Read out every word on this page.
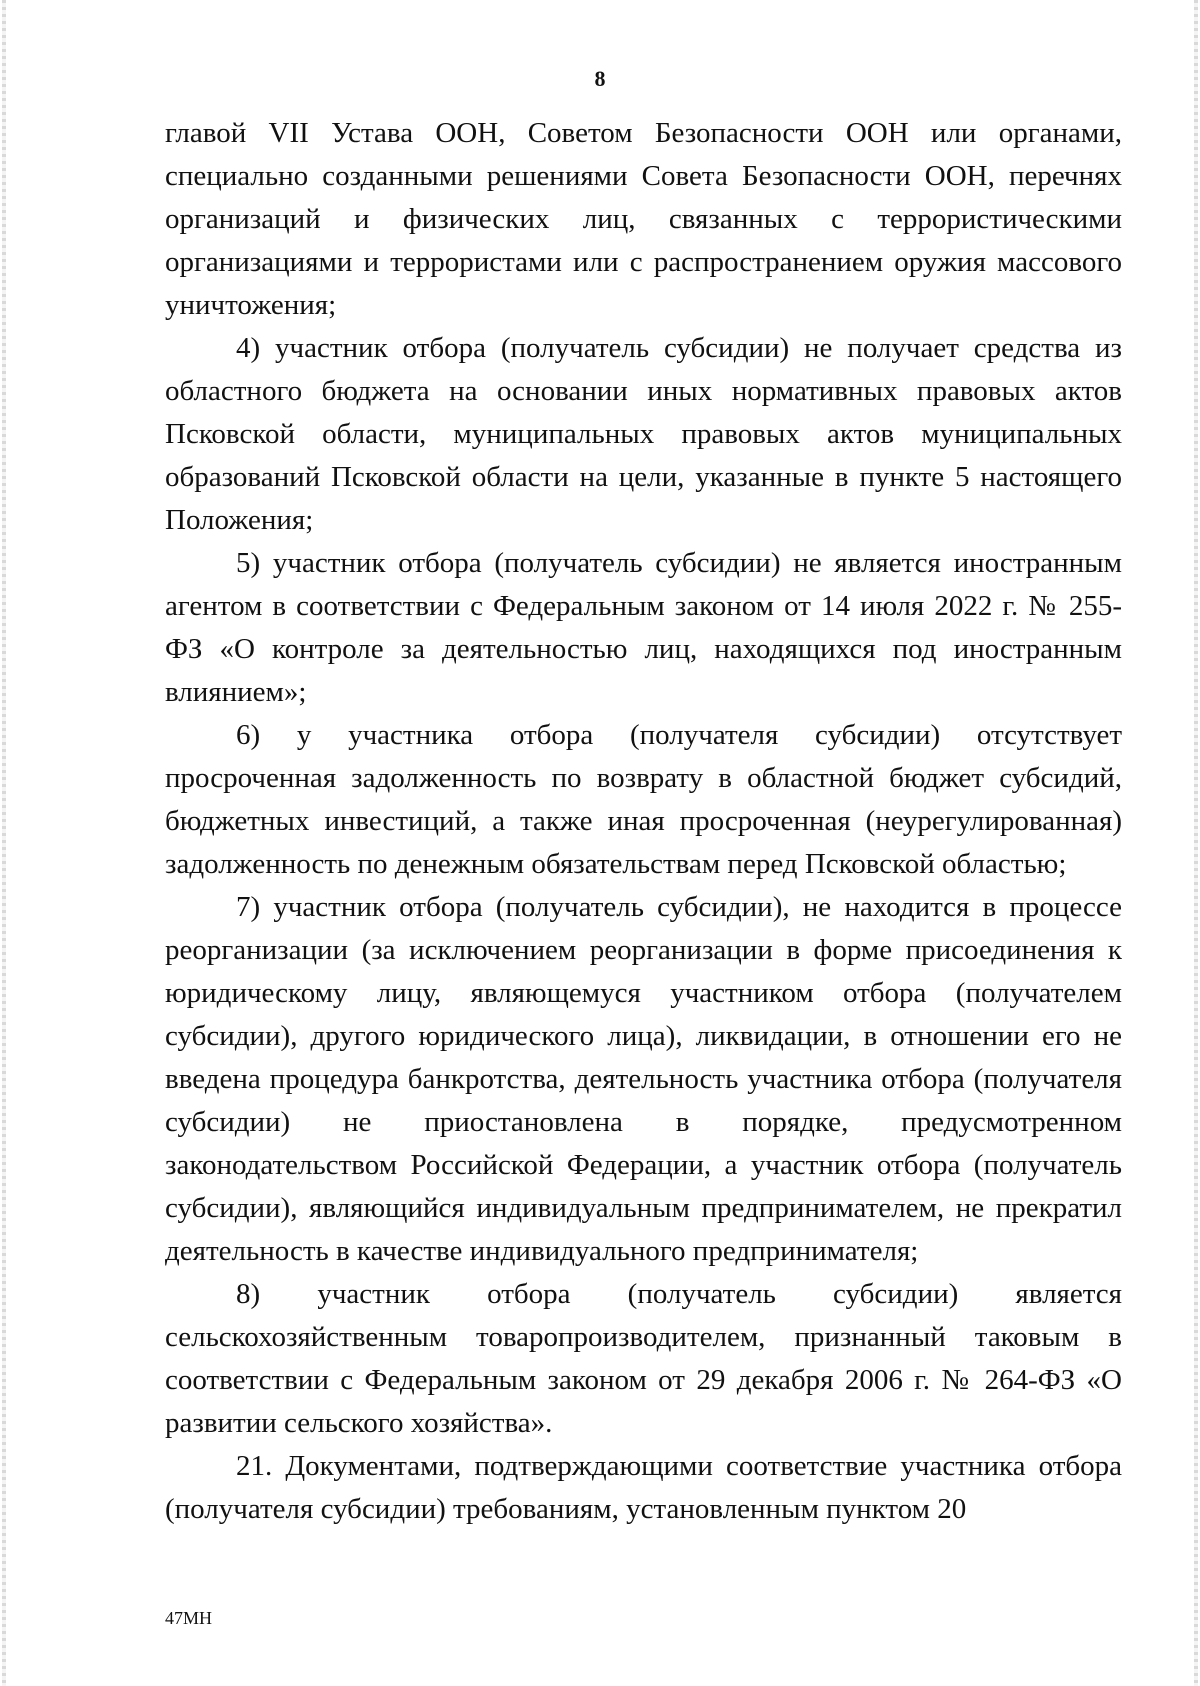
8

главой VII Устава ООН, Советом Безопасности ООН или органами, специально созданными решениями Совета Безопасности ООН, перечнях организаций и физических лиц, связанных с террористическими организациями и террористами или с распространением оружия массового уничтожения;

4) участник отбора (получатель субсидии) не получает средства из областного бюджета на основании иных нормативных правовых актов Псковской области, муниципальных правовых актов муниципальных образований Псковской области на цели, указанные в пункте 5 настоящего Положения;

5) участник отбора (получатель субсидии) не является иностранным агентом в соответствии с Федеральным законом от 14 июля 2022 г. № 255-ФЗ «О контроле за деятельностью лиц, находящихся под иностранным влиянием»;

6) у участника отбора (получателя субсидии) отсутствует просроченная задолженность по возврату в областной бюджет субсидий, бюджетных инвестиций, а также иная просроченная (неурегулированная) задолженность по денежным обязательствам перед Псковской областью;

7) участник отбора (получатель субсидии), не находится в процессе реорганизации (за исключением реорганизации в форме присоединения к юридическому лицу, являющемуся участником отбора (получателем субсидии), другого юридического лица), ликвидации, в отношении его не введена процедура банкротства, деятельность участника отбора (получателя субсидии) не приостановлена в порядке, предусмотренном законодательством Российской Федерации, а участник отбора (получатель субсидии), являющийся индивидуальным предпринимателем, не прекратил деятельность в качестве индивидуального предпринимателя;

8) участник отбора (получатель субсидии) является сельскохозяйственным товаропроизводителем, признанный таковым в соответствии с Федеральным законом от 29 декабря 2006 г. № 264-ФЗ «О развитии сельского хозяйства».

21. Документами, подтверждающими соответствие участника отбора (получателя субсидии) требованиям, установленным пунктом 20

47МН
